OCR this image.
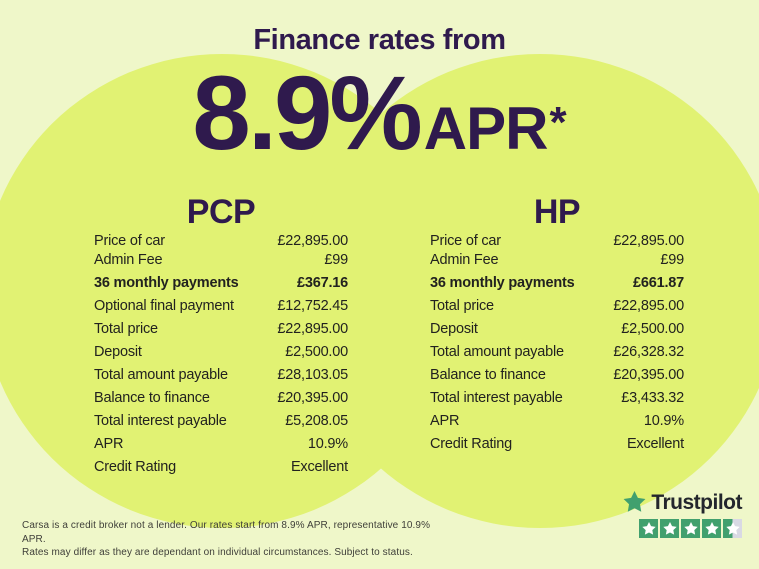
Finance rates from
8.9% APR *
PCP
Price of car	£22,895.00
Admin Fee	£99
36 monthly payments	£367.16
Optional final payment	£12,752.45
Total price	£22,895.00
Deposit	£2,500.00
Total amount payable	£28,103.05
Balance to finance	£20,395.00
Total interest payable	£5,208.05
APR	10.9%
Credit Rating	Excellent
HP
Price of car	£22,895.00
Admin Fee	£99
36 monthly payments	£661.87
Total price	£22,895.00
Deposit	£2,500.00
Total amount payable	£26,328.32
Balance to finance	£20,395.00
Total interest payable	£3,433.32
APR	10.9%
Credit Rating	Excellent
Carsa is a credit broker not a lender. Our rates start from 8.9% APR, representative 10.9% APR.
Rates may differ as they are dependant on individual circumstances. Subject to status.
Trustpilot
